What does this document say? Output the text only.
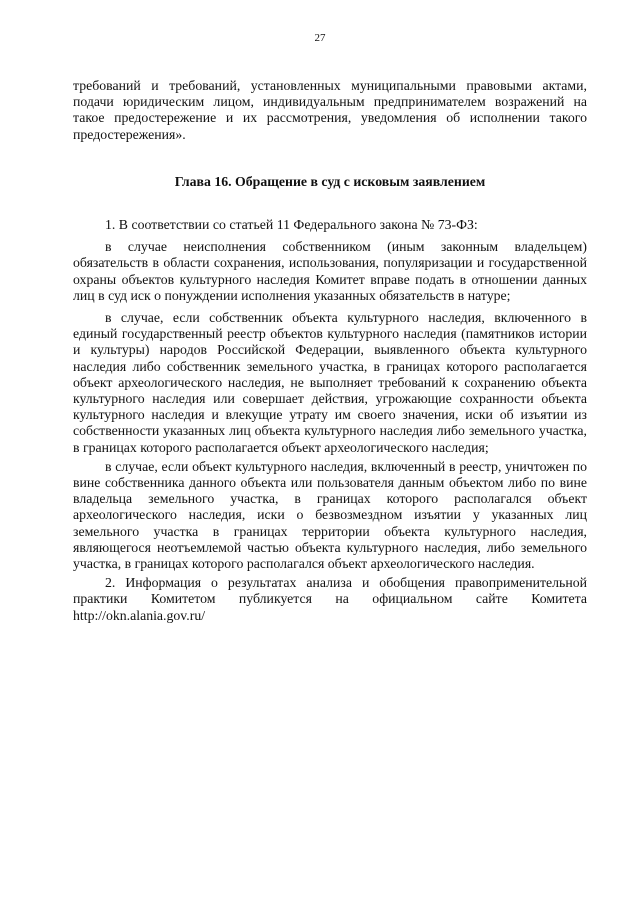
27

требований и требований, установленных муниципальными правовыми актами, подачи юридическим лицом, индивидуальным предпринимателем возражений на такое предостережение и их рассмотрения, уведомления об исполнении такого предостережения».

Глава 16. Обращение в суд с исковым заявлением

1. В соответствии со статьей 11 Федерального закона № 73-ФЗ:

в случае неисполнения собственником (иным законным владельцем) обязательств в области сохранения, использования, популяризации и государственной охраны объектов культурного наследия Комитет вправе подать в отношении данных лиц в суд иск о понуждении исполнения указанных обязательств в натуре;

в случае, если собственник объекта культурного наследия, включенного в единый государственный реестр объектов культурного наследия (памятников истории и культуры) народов Российской Федерации, выявленного объекта культурного наследия либо собственник земельного участка, в границах которого располагается объект археологического наследия, не выполняет требований к сохранению объекта культурного наследия или совершает действия, угрожающие сохранности объекта культурного наследия и влекущие утрату им своего значения, иски об изъятии из собственности указанных лиц объекта культурного наследия либо земельного участка, в границах которого располагается объект археологического наследия;

в случае, если объект культурного наследия, включенный в реестр, уничтожен по вине собственника данного объекта или пользователя данным объектом либо по вине владельца земельного участка, в границах которого располагался объект археологического наследия, иски о безвозмездном изъятии у указанных лиц земельного участка в границах территории объекта культурного наследия, являющегося неотъемлемой частью объекта культурного наследия, либо земельного участка, в границах которого располагался объект археологического наследия.

2. Информация о результатах анализа и обобщения правоприменительной практики Комитетом публикуется на официальном сайте Комитета http://okn.alania.gov.ru/
